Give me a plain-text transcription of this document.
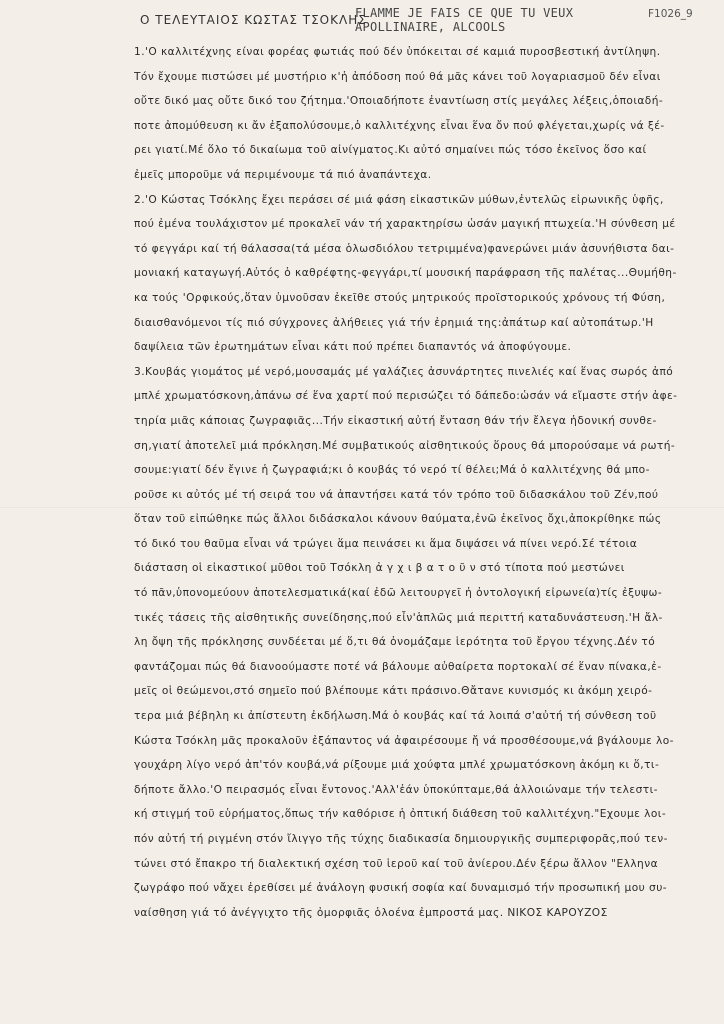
Ο ΤΕΛΕΥΤΑΙΟΣ ΚΩΣΤΑΣ ΤΣΟΚΛΗΣ
FLAMME JE FAIS CE QUE TU VEUX
APOLLINAIRE, ALCOOLS
F1026_9
1.'Ο καλλιτέχνης είναι φορέας φωτιάς πού δέν ὑπόκειται σέ καμιά πυροσβεστική ἀντίληψη.
Τόν ἔχουμε πιστώσει μέ μυστήριο κ'ἡ ἀπόδοση πού θά μᾶς κάνει τοῦ λογαριασμοῦ δέν εἶναι
οὔτε δικό μας οὔτε δικό του ζήτημα.'Οποιαδήποτε ἐναντίωση στίς μεγάλες λέξεις,ὁποιαδή-
ποτε ἀπομύθευση κι ἄν ἐξαπολύσουμε,ὁ καλλιτέχνης εἶναι ἕνα ὄν πού φλέγεται,χωρίς νά ξέ-
ρει γιατί.Μέ ὅλο τό δικαίωμα τοῦ αἰνίγματος.Κι αὐτό σημαίνει πώς τόσο ἐκεῖνος ὅσο καί
ἐμεῖς μποροῦμε νά περιμένουμε τά πιό ἀναπάντεχα.
2.'Ο Κώστας Τσόκλης ἔχει περάσει σέ μιά φάση εἰκαστικῶν μύθων,ἐντελῶς εἰρωνικῆς ὑφῆς,
πού ἐμένα τουλάχιστον μέ προκαλεῖ νάν τή χαρακτηρίσω ὡσάν μαγική πτωχεία.'Η σύνθεση μέ
τό φεγγάρι καί τή θάλασσα(τά μέσα ὁλωσδιόλου τετριμμένα)φανερώνει μιάν ἀσυνήθιστα δαι-
μονιακή καταγωγή.Αὐτός ὁ καθρέφτης-φεγγάρι,τί μουσική παράφραση τῆς παλέτας...Θυμήθη-
κα τούς 'Ορφικούς,ὅταν ὑμνοῦσαν ἐκεῖθε στούς μητρικούς προϊστορικούς χρόνους τή Φύση,
διαισθανόμενοι τίς πιό σύγχρονες ἀλήθειες γιά τήν ἐρημιά της:ἀπάτωρ καί αὐτοπάτωρ.'Η
δαψίλεια τῶν ἐρωτημάτων εἶναι κάτι πού πρέπει διαπαντός νά ἀποφύγουμε.
3.Κουβάς γιομάτος μέ νερό,μουσαμάς μέ γαλάζιες ἀσυνάρτητες πινελιές καί ἕνας σωρός ἀπό
μπλέ χρωματόσκονη,ἀπάνω σέ ἕνα χαρτί πού περισώζει τό δάπεδο:ὡσάν νά εἴμαστε στήν ἀφε-
τηρία μιᾶς κάποιας ζωγραφιᾶς...Τήν εἰκαστική αὐτή ἔνταση θάν τήν ἔλεγα ἡδονική συνθε-
ση,γιατί ἀποτελεῖ μιά πρόκληση.Μέ συμβατικούς αἰσθητικούς ὅρους θά μπορούσαμε νά ρωτή-
σουμε:γιατί δέν ἔγινε ἡ ζωγραφιά;κι ὁ κουβάς τό νερό τί θέλει;Μά ὁ καλλιτέχνης θά μπο-
ροῦσε κι αὐτός μέ τή σειρά του νά ἀπαντήσει κατά τόν τρόπο τοῦ διδασκάλου τοῦ Ζέν,πού
ὅταν τοῦ εἰπώθηκε πώς ἄλλοι διδάσκαλοι κάνουν θαύματα,ἐνῶ ἐκεῖνος ὄχι,ἀποκρίθηκε πώς
τό δικό του θαῦμα εἶναι νά τρώγει ἅμα πεινάσει κι ἅμα διψάσει νά πίνει νερό.Σέ τέτοια
διάσταση οἱ εἰκαστικοί μῦθοι τοῦ Τσόκλη ἀ γ χ ι β α τ ο ῦ ν στό τίποτα πού μεστώνει
τό πᾶν,ὑπονομεύουν ἀποτελεσματικά(καί ἐδῶ λειτουργεῖ ἡ ὀντολογική εἰρωνεία)τίς ἐξυψω-
τικές τάσεις τῆς αἰσθητικῆς συνείδησης,πού εἶν'ἁπλῶς μιά περιττή καταδυνάστευση.'Η ἄλ-
λη ὄψη τῆς πρόκλησης συνδέεται μέ ὅ,τι θά ὀνομάζαμε ἱερότητα τοῦ ἔργου τέχνης.Δέν τό
φαντάζομαι πώς θά διανοούμαστε ποτέ νά βάλουμε αὐθαίρετα πορτοκαλί σέ ἕναν πίνακα,ἐ-
μεῖς οἱ θεώμενοι,στό σημεῖο πού βλέπουμε κάτι πράσινο.Θἄτανε κυνισμός κι ἀκόμη χειρό-
τερα μιά βέβηλη κι ἀπίστευτη ἐκδήλωση.Μά ὁ κουβάς καί τά λοιπά σ'αὐτή τή σύνθεση τοῦ
Κώστα Τσόκλη μᾶς προκαλοῦν ἐξάπαντος νά ἀφαιρέσουμε ἤ νά προσθέσουμε,νά βγάλουμε λο-
γουχάρη λίγο νερό ἀπ'τόν κουβά,νά ρίξουμε μιά χούφτα μπλέ χρωματόσκονη ἀκόμη κι ὅ,τι-
δήποτε ἄλλο.'Ο πειρασμός εἶναι ἔντονος.'Αλλ'ἐάν ὑποκύπταμε,θά ἀλλοιώναμε τήν τελεστι-
κή στιγμή τοῦ εὑρήματος,ὅπως τήν καθόρισε ἡ ὀπτική διάθεση τοῦ καλλιτέχνη."Εχουμε λοι-
πόν αὐτή τή ριγμένη στόν ἴλιγγο τῆς τύχης διαδικασία δημιουργικῆς συμπεριφορᾶς,πού τεν-
τώνει στό ἔπακρο τή διαλεκτική σχέση τοῦ ἱεροῦ καί τοῦ ἀνίερου.Δέν ξέρω ἄλλον "Ελληνα
ζωγράφο πού νἄχει ἐρεθίσει μέ ἀνάλογη φυσική σοφία καί δυναμισμό τήν προσωπική μου συ-
ναίσθηση γιά τό ἀνέγγιχτο τῆς ὀμορφιᾶς ὁλοένα ἐμπροστά μας. ΝΙΚΟΣ ΚΑΡΟΥΖΟΣ
